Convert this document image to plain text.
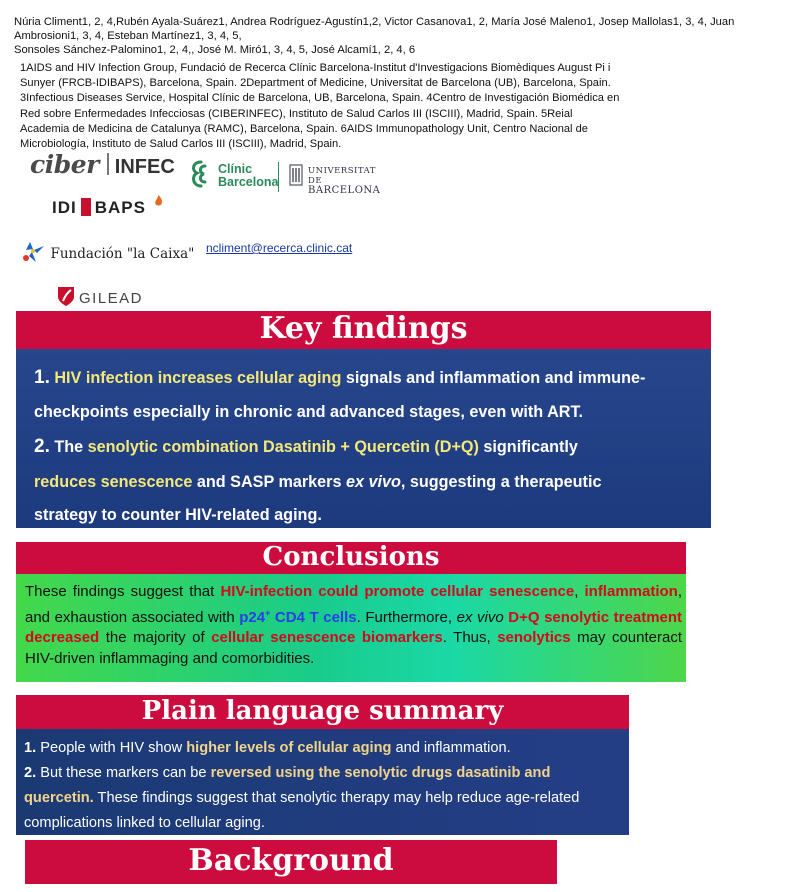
Núria Climent1, 2, 4,Rubén Ayala-Suárez1, Andrea Rodríguez-Agustín1,2, Victor Casanova1, 2, María José Maleno1, Josep Mallolas1, 3, 4, Juan
Ambrosioni1, 3, 4, Esteban Martínez1, 3, 4, 5,
Sonsoles Sánchez-Palomino1, 2, 4,, José M. Miró1, 3, 4, 5, José Alcamí1, 2, 4, 6
1AIDS and HIV Infection Group, Fundació de Recerca Clínic Barcelona-Institut d'Investigacions Biomèdiques August Pi i
Sunyer (FRCB-IDIBAPS), Barcelona, Spain. 2Department of Medicine, Universitat de Barcelona (UB), Barcelona, Spain.
3Infectious Diseases Service, Hospital Clínic de Barcelona, UB, Barcelona, Spain. 4Centro de Investigación Biomédica en
Red sobre Enfermedades Infecciosas (CIBERINFEC), Instituto de Salud Carlos III (ISCIII), Madrid, Spain. 5Reial
Academia de Medicina de Catalunya (RAMC), Barcelona, Spain. 6AIDS Immunopathology Unit, Centro Nacional de
Microbiología, Instituto de Salud Carlos III (ISCIII), Madrid, Spain.
ciber INFEC
IDI BAPS
Clínic
Barcelona
UNIVERSITAT DE
BARCELONA
Fundación "la Caixa" ncliment@recerca.clinic.cat
GILEAD
Key findings
1. HIV infection increases cellular aging signals and inflammation and immune-
checkpoints especially in chronic and advanced stages, even with ART.
2. The senolytic combination Dasatinib + Quercetin (D+Q) significantly
reduces senescence and SASP markers ex vivo, suggesting a therapeutic
strategy to counter HIV-related aging.
Conclusions
These findings suggest that HIV-infection could promote cellular senescence, inflammation, and exhaustion associated with p24+ CD4 T cells. Furthermore, ex vivo D+Q senolytic treatment decreased the majority of cellular senescence biomarkers. Thus, senolytics may counteract HIV-driven inflammaging and comorbidities.
Plain language summary
1. People with HIV show higher levels of cellular aging and inflammation.
2. But these markers can be reversed using the senolytic drugs dasatinib and quercetin. These findings suggest that senolytic therapy may help reduce age-related complications linked to cellular aging.
Background
